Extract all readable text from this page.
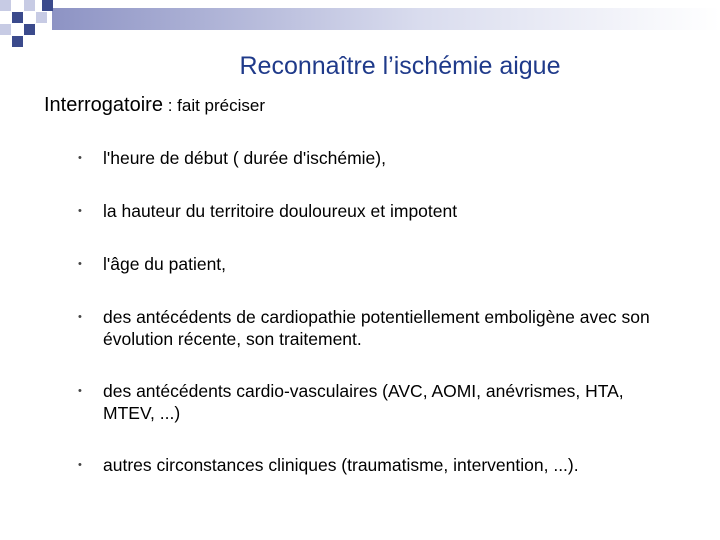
Reconnaître l’ischémie aigue
Interrogatoire : fait préciser
• l'heure de début ( durée d'ischémie),
• la hauteur du territoire douloureux et impotent
• l'âge du patient,
• des antécédents de cardiopathie potentiellement emboligène avec son évolution récente, son traitement.
• des antécédents cardio-vasculaires (AVC, AOMI, anévrismes, HTA, MTEV, ...)
• autres circonstances cliniques (traumatisme, intervention, ...).
